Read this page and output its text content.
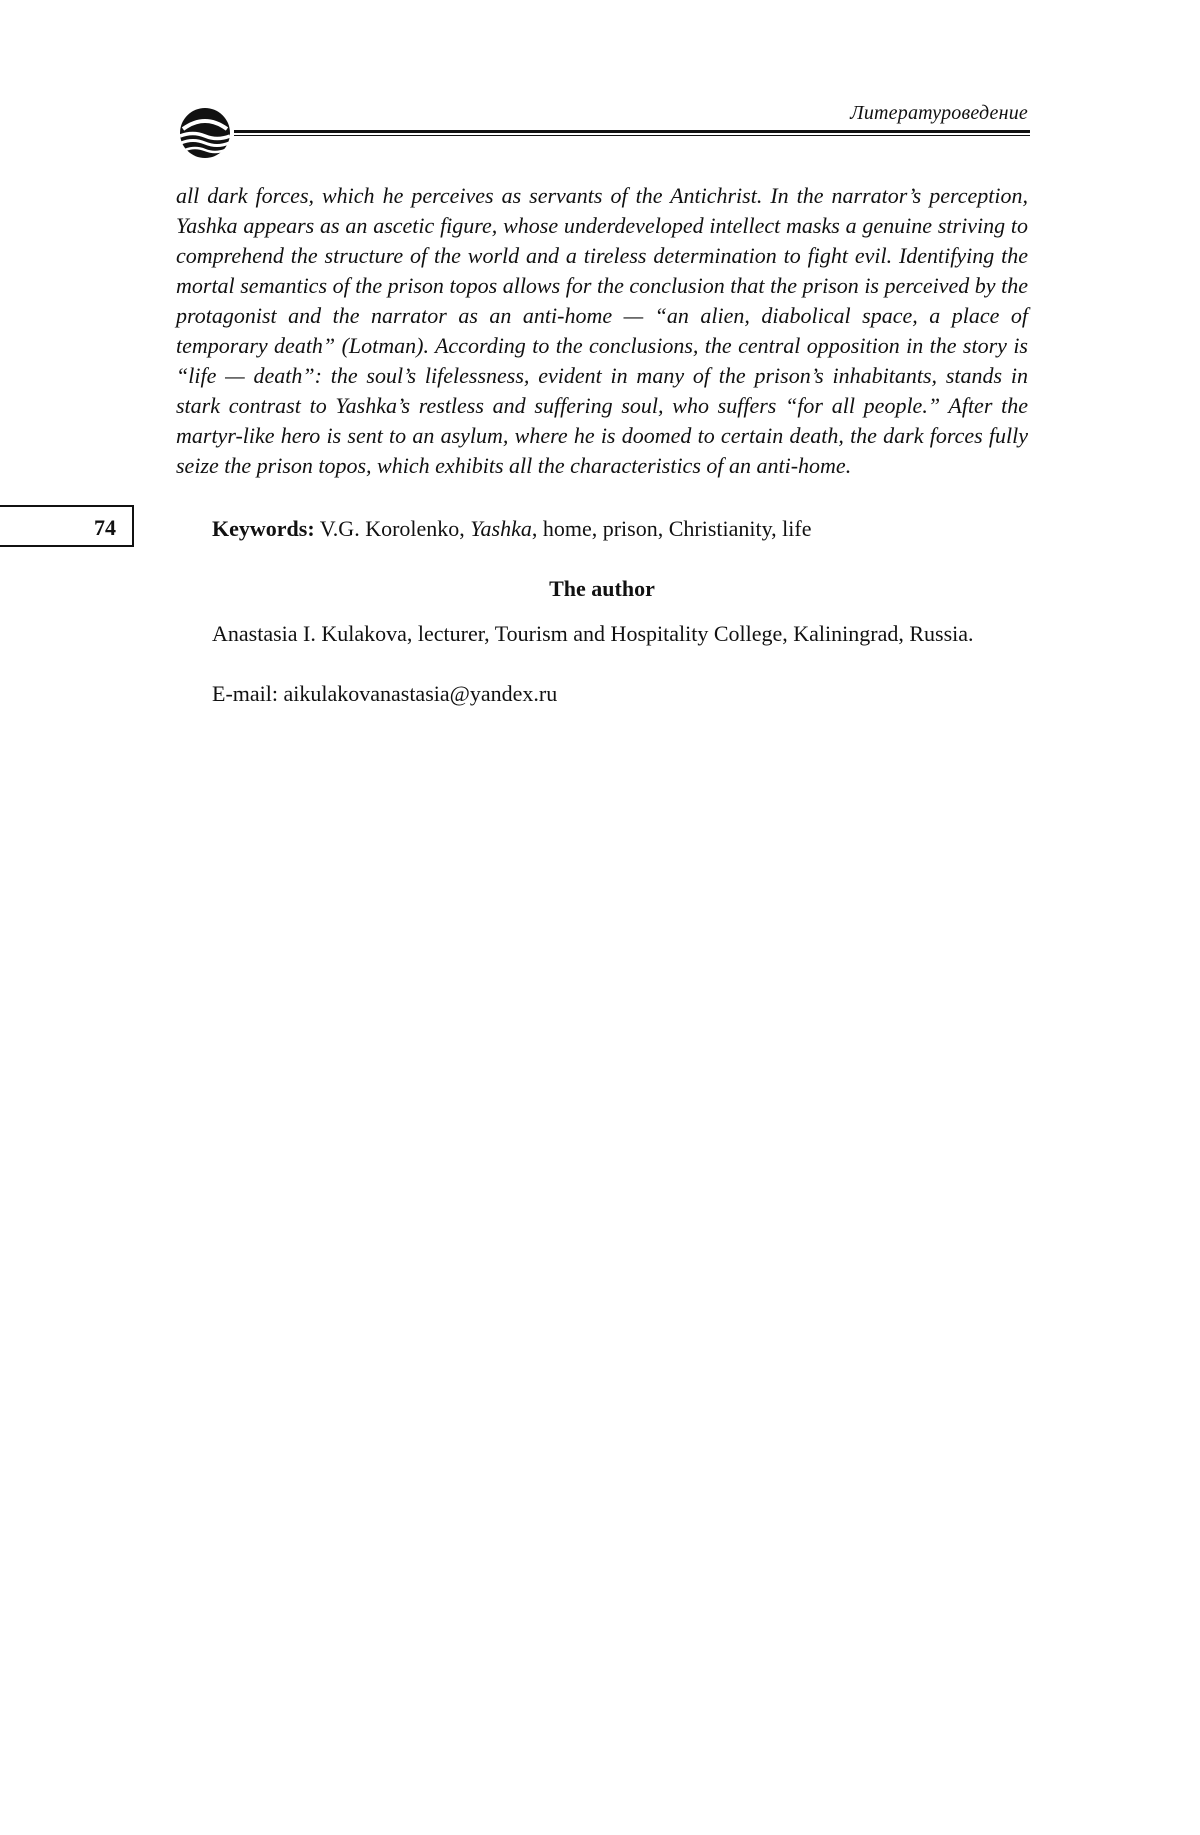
Литературоведение

all dark forces, which he perceives as servants of the Antichrist. In the narrator’s perception, Yashka appears as an ascetic figure, whose underdeveloped intellect masks a genuine striving to comprehend the structure of the world and a tireless determination to fight evil. Identifying the mortal semantics of the prison topos allows for the conclusion that the prison is perceived by the protagonist and the narrator as an anti-home — “an alien, diabolical space, a place of temporary death” (Lotman). According to the conclusions, the central opposition in the story is “life — death”: the soul’s lifelessness, evident in many of the prison’s inhabitants, stands in stark contrast to Yashka’s restless and suffering soul, who suffers “for all people.” After the martyr-like hero is sent to an asylum, where he is doomed to certain death, the dark forces fully seize the prison topos, which exhibits all the characteristics of an anti-home.

74	Keywords: V.G. Korolenko, Yashka, home, prison, Christianity, life

The author

Anastasia I. Kulakova, lecturer, Tourism and Hospitality College, Kaliningrad, Russia.

E-mail: aikulakovanastasia@yandex.ru
